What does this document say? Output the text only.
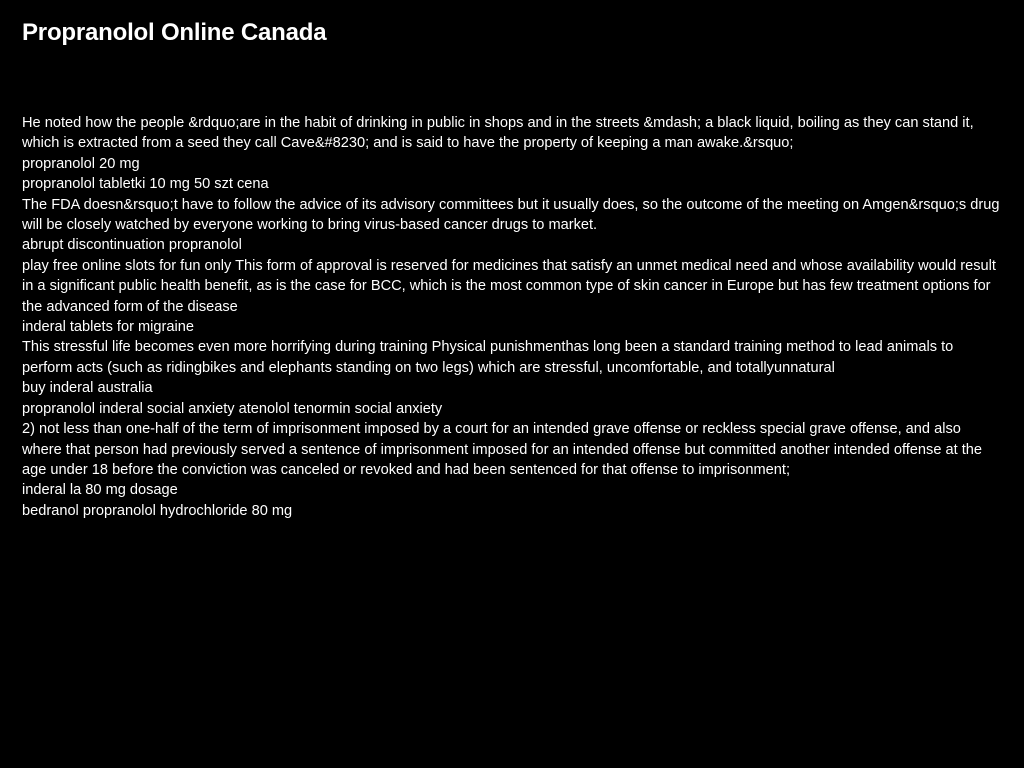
Propranolol Online Canada

He noted how the people &rdquo;are in the habit of drinking in public in shops and in the streets &mdash; a black liquid, boiling as they can stand it, which is extracted from a seed they call Cave&#8230; and is said to have the property of keeping a man awake.&rsquo;

propranolol 20 mg

propranolol tabletki 10 mg 50 szt cena

The FDA doesn&rsquo;t have to follow the advice of its advisory committees but it usually does, so the outcome of the meeting on Amgen&rsquo;s drug will be closely watched by everyone working to bring virus-based cancer drugs to market.

abrupt discontinuation propranolol

play free online slots for fun only This form of approval is reserved for medicines that satisfy an unmet medical need and whose availability would result in a significant public health benefit, as is the case for BCC, which is the most common type of skin cancer in Europe but has few treatment options for the advanced form of the disease

inderal tablets for migraine

This stressful life becomes even more horrifying during training Physical punishmenthas long been a standard training method to lead animals to perform acts (such as ridingbikes and elephants standing on two legs) which are stressful, uncomfortable, and totallyunnatural

buy inderal australia

propranolol inderal social anxiety atenolol tenormin social anxiety

2) not less than one-half of the term of imprisonment imposed by a court for an intended grave offense or reckless special grave offense, and also where that person had previously served a sentence of imprisonment imposed for an intended offense but committed another intended offense at the age under 18 before the conviction was canceled or revoked and had been sentenced for that offense to imprisonment;

inderal la 80 mg dosage

bedranol propranolol hydrochloride 80 mg
